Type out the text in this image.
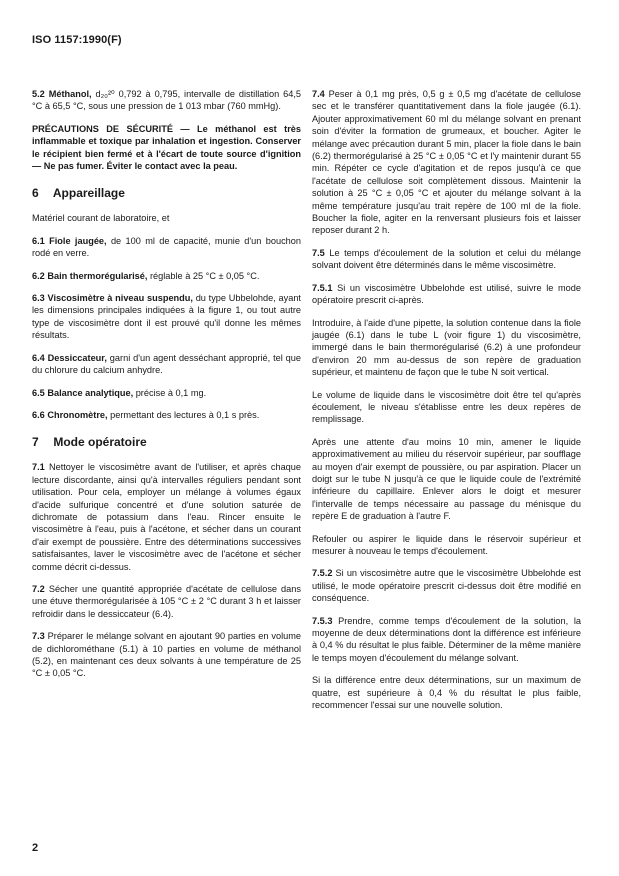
ISO 1157:1990(F)

5.2 Méthanol, d₂₀²⁰ 0,792 à 0,795, intervalle de distillation 64,5 °C à 65,5 °C, sous une pression de 1 013 mbar (760 mmHg).

PRÉCAUTIONS DE SÉCURITÉ — Le méthanol est très inflammable et toxique par inhalation et ingestion. Conserver le récipient bien fermé et à l'écart de toute source d'ignition — Ne pas fumer. Éviter le contact avec la peau.

6 Appareillage

Matériel courant de laboratoire, et

6.1 Fiole jaugée, de 100 ml de capacité, munie d'un bouchon rodé en verre.

6.2 Bain thermorégularisé, réglable à 25 °C ± 0,05 °C.

6.3 Viscosimètre à niveau suspendu, du type Ubbelohde, ayant les dimensions principales indiquées à la figure 1, ou tout autre type de viscosimètre dont il est prouvé qu'il donne les mêmes résultats.

6.4 Dessiccateur, garni d'un agent desséchant approprié, tel que du chlorure du calcium anhydre.

6.5 Balance analytique, précise à 0,1 mg.

6.6 Chronomètre, permettant des lectures à 0,1 s près.

7 Mode opératoire

7.1 Nettoyer le viscosimètre avant de l'utiliser, et après chaque lecture discordante, ainsi qu'à intervalles réguliers pendant sont utilisation. Pour cela, employer un mélange à volumes égaux d'acide sulfurique concentré et d'une solution saturée de dichromate de potassium dans l'eau. Rincer ensuite le viscosimètre à l'eau, puis à l'acétone, et sécher dans un courant d'air exempt de poussière. Entre des déterminations successives satisfaisantes, laver le viscosimètre avec de l'acétone et sécher comme décrit ci-dessus.

7.2 Sécher une quantité appropriée d'acétate de cellulose dans une étuve thermorégularisée à 105 °C ± 2 °C durant 3 h et laisser refroidir dans le dessiccateur (6.4).

7.3 Préparer le mélange solvant en ajoutant 90 parties en volume de dichlorométhane (5.1) à 10 parties en volume de méthanol (5.2), en maintenant ces deux solvants à une température de 25 °C ± 0,05 °C.

7.4 Peser à 0,1 mg près, 0,5 g ± 0,5 mg d'acétate de cellulose sec et le transférer quantitativement dans la fiole jaugée (6.1). Ajouter approximativement 60 ml du mélange solvant en prenant soin d'éviter la formation de grumeaux, et boucher. Agiter le mélange avec précaution durant 5 min, placer la fiole dans le bain (6.2) thermorégularisé à 25 °C ± 0,05 °C et l'y maintenir durant 55 min. Répéter ce cycle d'agitation et de repos jusqu'à ce que l'acétate de cellulose soit complètement dissous. Maintenir la solution à 25 °C ± 0,05 °C et ajouter du mélange solvant à la même température jusqu'au trait repère de 100 ml de la fiole. Boucher la fiole, agiter en la renversant plusieurs fois et laisser reposer durant 2 h.

7.5 Le temps d'écoulement de la solution et celui du mélange solvant doivent être déterminés dans le même viscosimètre.

7.5.1 Si un viscosimètre Ubbelohde est utilisé, suivre le mode opératoire prescrit ci-après.

Introduire, à l'aide d'une pipette, la solution contenue dans la fiole jaugée (6.1) dans le tube L (voir figure 1) du viscosimètre, immergé dans le bain thermorégularisé (6.2) à une profondeur d'environ 20 mm au-dessus de son repère de graduation supérieur, et maintenu de façon que le tube N soit vertical.

Le volume de liquide dans le viscosimètre doit être tel qu'après écoulement, le niveau s'établisse entre les deux repères de remplissage.

Après une attente d'au moins 10 min, amener le liquide approximativement au milieu du réservoir supérieur, par soufflage au moyen d'air exempt de poussière, ou par aspiration. Placer un doigt sur le tube N jusqu'à ce que le liquide coule de l'extrémité inférieure du capillaire. Enlever alors le doigt et mesurer l'intervalle de temps nécessaire au passage du ménisque du repère E de graduation à l'autre F.

Refouler ou aspirer le liquide dans le réservoir supérieur et mesurer à nouveau le temps d'écoulement.

7.5.2 Si un viscosimètre autre que le viscosimètre Ubbelohde est utilisé, le mode opératoire prescrit ci-dessus doit être modifié en conséquence.

7.5.3 Prendre, comme temps d'écoulement de la solution, la moyenne de deux déterminations dont la différence est inférieure à 0,4 % du résultat le plus faible. Déterminer de la même manière le temps moyen d'écoulement du mélange solvant.

Si la différence entre deux déterminations, sur un maximum de quatre, est supérieure à 0,4 % du résultat le plus faible, recommencer l'essai sur une nouvelle solution.

2
